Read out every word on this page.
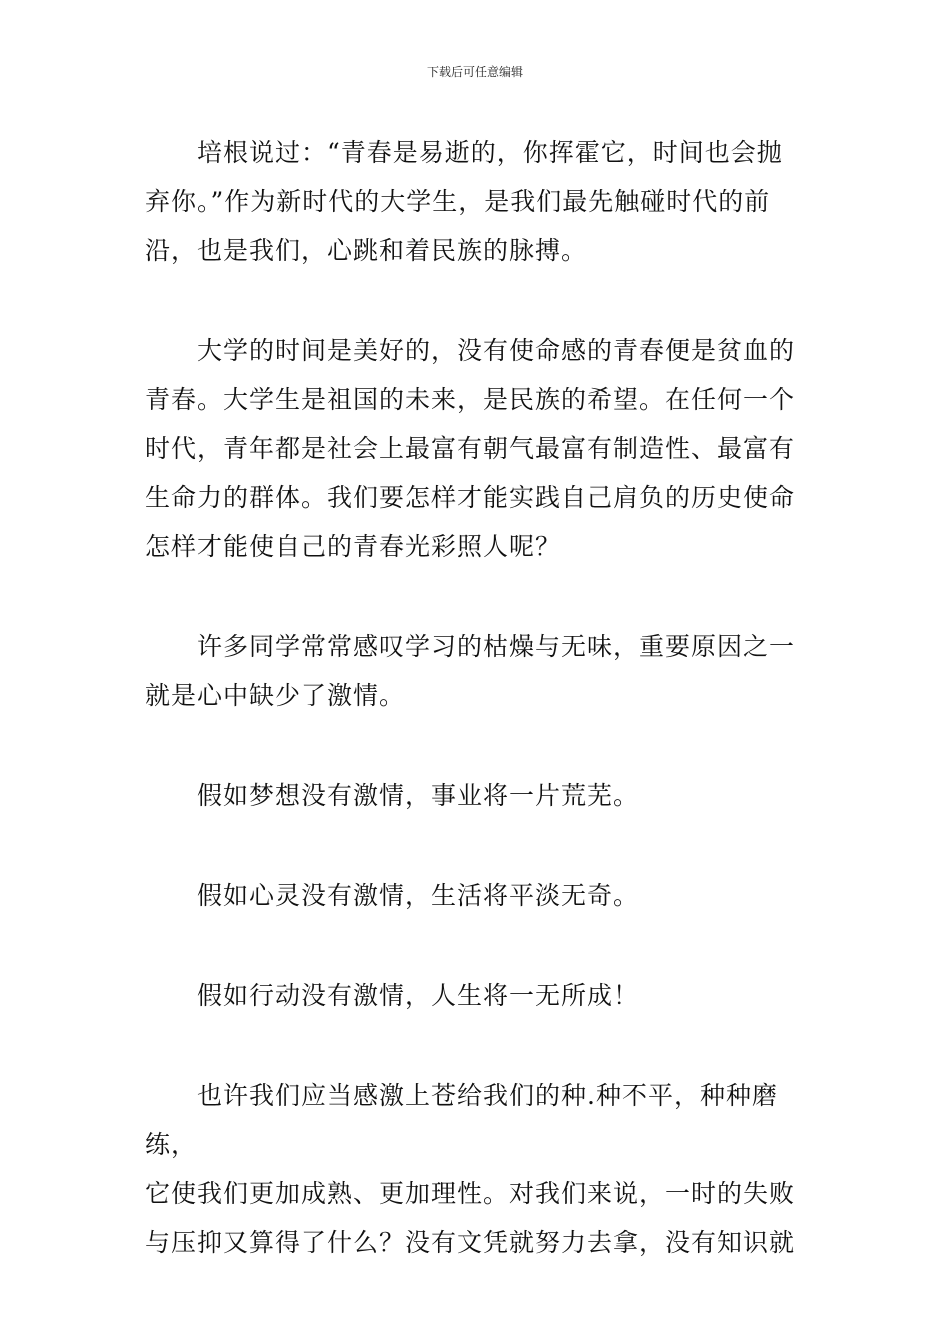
下载后可任意编辑

培根说过：“青春是易逝的，你挥霍它，时间也会抛
弃你。”作为新时代的大学生，是我们最先触碰时代的前
沿，也是我们，心跳和着民族的脉搏。

大学的时间是美好的，没有使命感的青春便是贫血的
青春。大学生是祖国的未来，是民族的希望。在任何一个
时代，青年都是社会上最富有朝气最富有制造性、最富有
生命力的群体。我们要怎样才能实践自己肩负的历史使命
怎样才能使自己的青春光彩照人呢？

许多同学常常感叹学习的枯燥与无味，重要原因之一
就是心中缺少了激情。

假如梦想没有激情，事业将一片荒芜。

假如心灵没有激情，生活将平淡无奇。

假如行动没有激情，人生将一无所成！

也许我们应当感激上苍给我们的种.种不平，种种磨练，
它使我们更加成熟、更加理性。对我们来说，一时的失败
与压抑又算得了什么？没有文凭就努力去拿，没有知识就
